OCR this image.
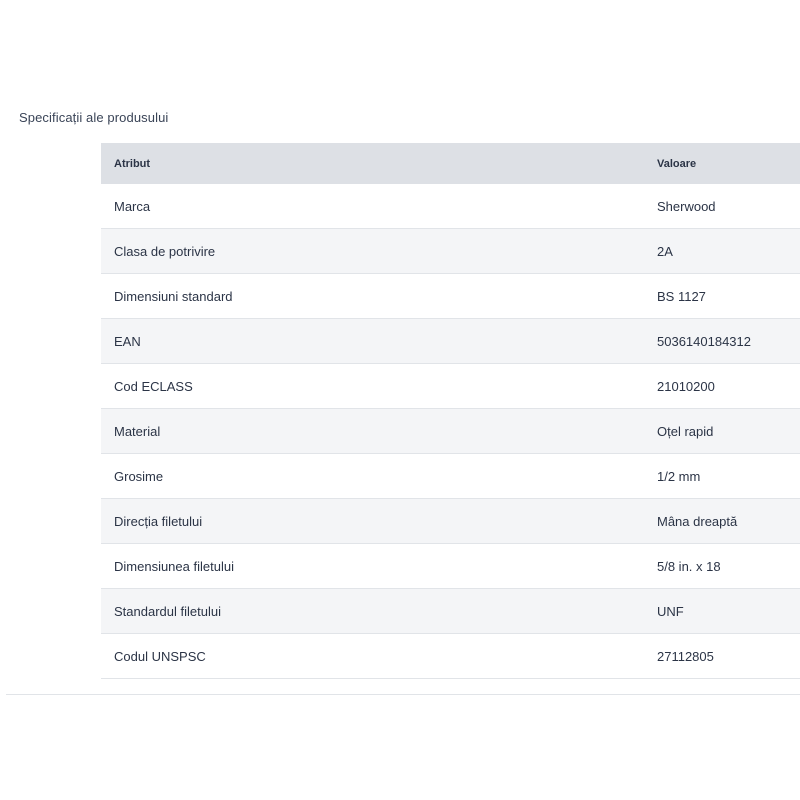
Specificații ale produsului
Atribut	Valoare
Marca	Sherwood
Clasa de potrivire	2A
Dimensiuni standard	BS 1127
EAN	5036140184312
Cod ECLASS	21010200
Material	Oțel rapid
Grosime	1/2 mm
Direcția filetului	Mâna dreaptă
Dimensiunea filetului	5/8 in. x 18
Standardul filetului	UNF
Codul UNSPSC	27112805
